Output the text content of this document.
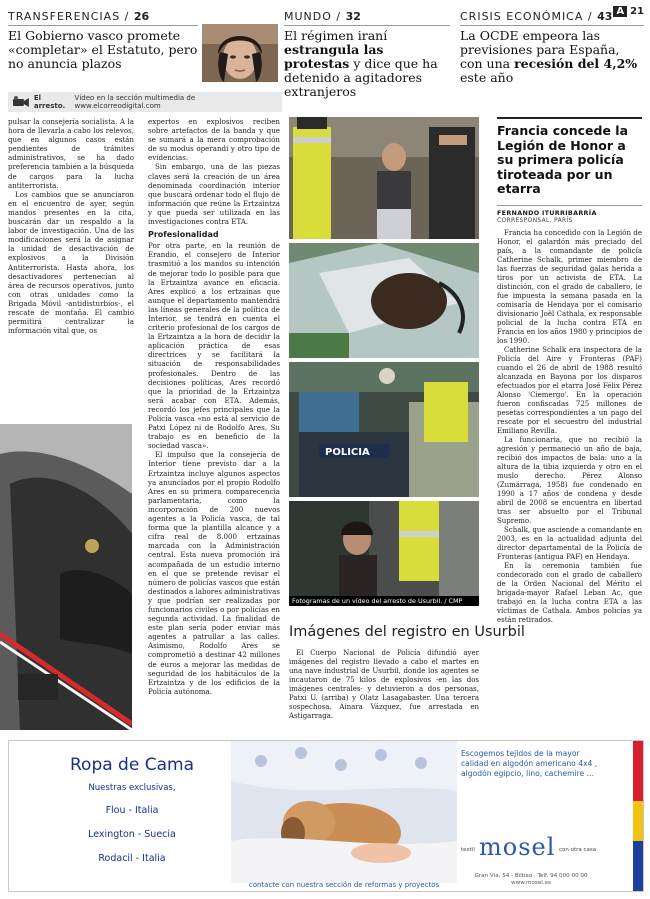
A 21
TRANSFERENCIAS / 26
El Gobierno vasco promete «completar» el Estatuto, pero no anuncia plazos
MUNDO / 32
El régimen iraní estrangula las protestas y dice que ha detenido a agitadores extranjeros
CRISIS ECONÓMICA / 43
La OCDE empeora las previsiones para España, con una recesión del 4,2% este año
El arresto.
Vídeo en la sección multimedia de www.elcorreodigital.com

pulsar la consejería socialista. A la hora de llevarla a cabo los relevos, que en algunos casos están pendientes de trámites administrativos, se ha dado preferencia también a la búsqueda de cargos para la lucha antiterrorista.

Los cambios que se anunciaron en el encuentro de ayer, según mandos presentes en la cita, buscarán dar un respaldo a la labor de investigación. Una de las modificaciones será la de asignar la unidad de desactivación de explosivos a la División Antiterrorista. Hasta ahora, los desactivadores pertenecían al área de recursos operativos, junto con otras unidades como la Brigada Móvil -antidisturbios-, el rescate de montaña. El cambio permitirá centralizar la información vital que, os

expertos en explosivos reciben sobre artefactos de la banda y que se sumará a la mera comprobación de su modus operandi y otro tipo de evidencias.

Sin embargo, una de las piezas claves será la creación de un área denominada coordinación interior que buscará ordenar todo el flujo de información que reúne la Ertzaintza y que pueda ser utilizada en las investigaciones contra ETA.

Profesionalidad

Por otra parte, en la reunión de Erandio, el consejero de Interior trasmitió a los mandos su intención de mejorar todo lo posible para que la Ertzaintza avance en eficacia. Ares explicó a los ertzainas que aunque el departamento mantendrá las líneas generales de la política de Interior, se tendrá en cuenta el criterio profesional de los cargos de la Ertzaintza a la hora de decidir la aplicación práctica de esas directrices y se facilitará la situación de responsabilidades profesionales. Dentro de las decisiones políticas, Ares recordó que la prioridad de la Ertzaintza será acabar con ETA. Además, recordó los jefes principales que la Policía vasca «no está al servicio de Patxi López ni de Rodolfo Ares. Su trabajo es en beneficio de la sociedad vasca».

El impulso que la consejería de Interior tiene previsto dar a la Ertzaintza incluye algunos aspectos ya anunciados por el propio Rodolfo Ares en su primera comparecencia parlamentaria, como la incorporación de 200 nuevos agentes a la Policía vasca, de tal forma que la plantilla alcance y a cifra real de 8.000 ertzainas marcada con la Administración central. Esta nueva promoción irá acompañada de un estudio interno en el que se pretende revisar el número de policías vascos que están destinados a labores administrativas y que podrían ser realizadas por funcionarios civiles o por policías en segunda actividad. La finalidad de este plan sería poder enviar más agentes a patrullar a las calles. Asimismo, Rodolfo Ares se comprometió a destinar 42 millones de euros a mejorar las medidas de seguridad de los habitáculos de la Ertzaintza y de los edificios de la Policía autónoma.

POLICIA
Fotogramas de un vídeo del arresto de Usurbil. / CMP
Imágenes del registro en Usurbil

El Cuerpo Nacional de Policía difundió ayer imágenes del registro llevado a cabo el martes en una nave industrial de Usurbil, donde los agentes se incautaron de 75 kilos de explosivos -en las dos imágenes centrales- y detuvieron a dos personas, Patxi U. (arriba) y Olatz Lasagabaster. Una tercera sospechosa, Ainara Vázquez, fue arrestada en Astigarraga.

Francia concede la Legión de Honor a su primera policía tiroteada por un etarra
FERNANDO ITURRIBARRÍA
CORRESPONSAL. PARÍS

Francia ha concedido con la Legión de Honor, el galardón más preciado del país, a la comandante de policía Catherine Schalk, primer miembro de las fuerzas de seguridad galas herida a tiros por un activista de ETA. La distinción, con el grado de caballero, le fue impuesta la semana pasada en la comisaría de Hendaya por el comisario divisionario Joël Cathala, ex responsable policial de la lucha contra ETA en Francia en los años 1980 y principios de los 1990.

Catherine Schalk era inspectora de la Policía del Aire y Fronteras (PAF) cuando el 26 de abril de 1988 resultó alcanzada en Bayona por los disparos efectuados por el etarra José Félix Pérez Alonso 'Ciemergo'. En la operación fueron confiscadas 725 millones de pesetas correspondientes a un pago del rescate por el secuestro del industrial Emiliano Revilla.

La funcionaria, que no recibió la agresión y permaneció un año de baja, recibió dos impactos de bala: uno a la altura de la tibia izquierda y otro en el muslo derecho. Pérez Alonso (Zumárraga, 1958) fue condenado en 1990 a 17 años de condena y desde abril de 2008 se encuentra en libertad tras ser absuelto por el Tribunal Supremo.

Schalk, que asciende a comandante en 2003, es en la actualidad adjunta del director departamental de la Policía de Fronteras (antigua PAF) en Hendaya.

En la ceremonia también fue condecorado con el grado de caballero de la Orden Nacional del Mérito el brigada-mayor Rafael Leban Ac, que trabajó en la lucha contra ETA a las víctimas de Cathala. Ambos policías ya están retirados.

Ropa de Cama
Nuestras exclusivas,
Flou - Italia
Lexington - Suecia
Rodacil - Italia
contacte con nuestra sección de reformas y proyectos
Escogemos tejidos de la mayor
calidad en algodón americano 4x4 ,
algodón egipcio, lino, cachemire ...
textil mosel con otra casa
Gran Vía, 54 - Bilbao · Telf. 94 000 00 00
www.mosel.es
